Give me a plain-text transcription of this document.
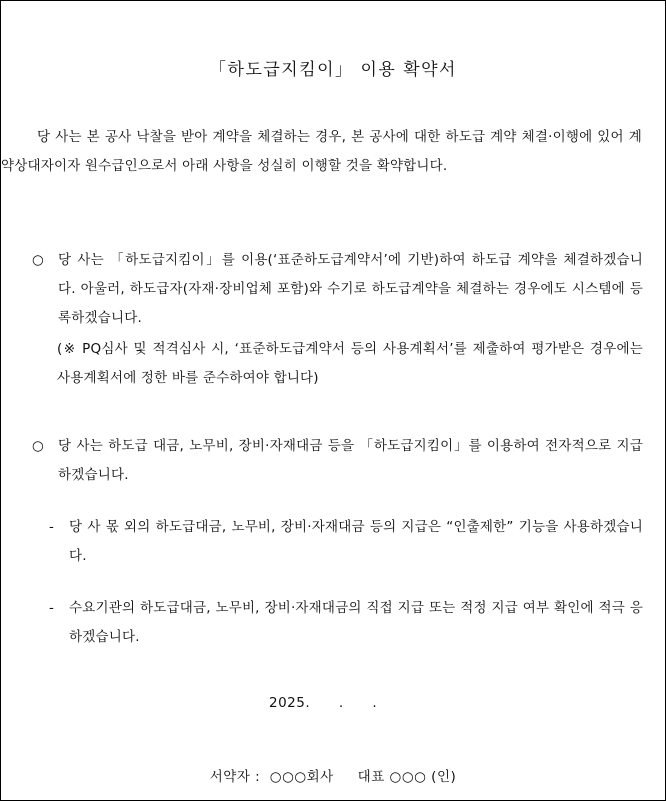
「하도급지킴이」 이용 확약서

당 사는 본 공사 낙찰을 받아 계약을 체결하는 경우, 본 공사에 대한 하도급 계약 체결·이행에 있어 계약상대자이자 원수급인으로서 아래 사항을 성실히 이행할 것을 확약합니다.

○	당 사는 「하도급지킴이」를 이용(‘표준하도급계약서’에 기반)하여 하도급 계약을 체결하겠습니다. 아울러, 하도급자(자재·장비업체 포함)와 수기로 하도급계약을 체결하는 경우에도 시스템에 등록하겠습니다.

(※ PQ심사 및 적격심사 시, ‘표준하도급계약서 등의 사용계획서’를 제출하여 평가받은 경우에는 사용계획서에 정한 바를 준수하여야 합니다)

○	당 사는 하도급 대금, 노무비, 장비·자재대금 등을 「하도급지킴이」를 이용하여 전자적으로 지급하겠습니다.
-	당 사 몫 외의 하도급대금, 노무비, 장비·자재대금 등의 지급은 “인출제한” 기능을 사용하겠습니다.
-	수요기관의 하도급대금, 노무비, 장비·자재대금의 직접 지급 또는 적정 지급 여부 확인에 적극 응하겠습니다.
2025.      .      .
서약자 :  ○○○회사     대표 ○○○ (인)
